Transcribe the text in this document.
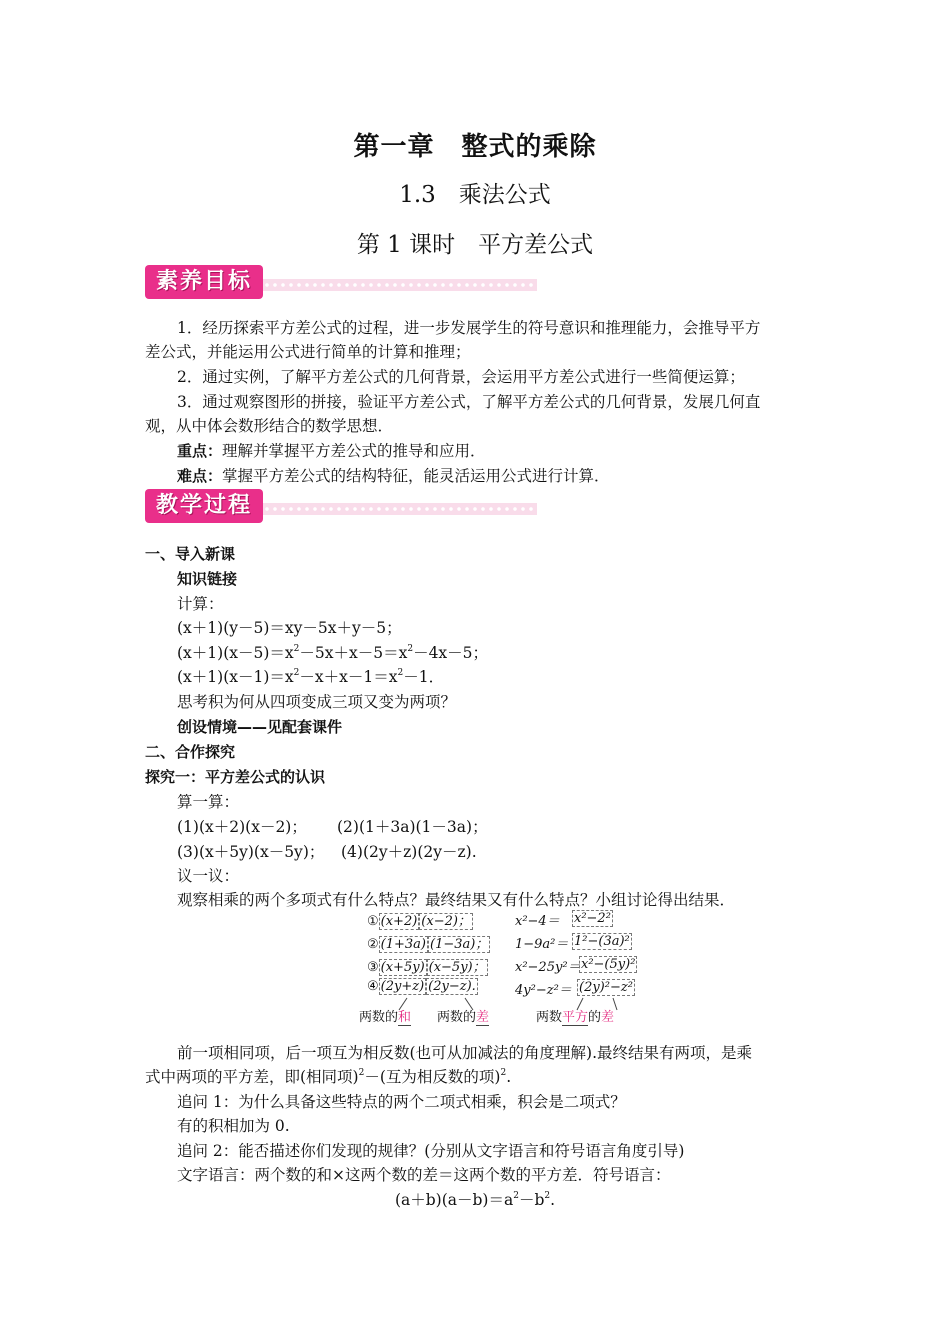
第一章　整式的乘除
1.3　乘法公式
第 1 课时　平方差公式
素养目标
1．经历探索平方差公式的过程，进一步发展学生的符号意识和推理能力，会推导平方
差公式，并能运用公式进行简单的计算和推理；
2．通过实例，了解平方差公式的几何背景，会运用平方差公式进行一些简便运算；
3．通过观察图形的拼接，验证平方差公式，了解平方差公式的几何背景，发展几何直
观，从中体会数形结合的数学思想．
重点：理解并掌握平方差公式的推导和应用．
难点：掌握平方差公式的结构特征，能灵活运用公式进行计算．
教学过程
一、导入新课
知识链接
计算：
(x＋1)(y－5)＝xy－5x＋y－5；
$(x+1)(x-5)=x^2-5x+x-5=x^2-4x-5$；
$(x+1)(x-1)=x^2-x+x-1=x^2-1$．
思考积为何从四项变成三项又变为两项？
创设情境——见配套课件
二、合作探究
探究一：平方差公式的认识
算一算：
(1)(x＋2)(x－2)； (2)(1＋3a)(1－3a)；
(3)(x＋5y)(x－5y)； (4)(2y＋z)(2y－z).
议一议：
观察相乘的两个多项式有什么特点？最终结果又有什么特点？小组讨论得出结果．
① (x+2) (x−2)；	x²−4＝ x²−2²
② (1+3a) (1−3a)； 1−9a²＝ 1²−(3a)²
③ (x+5y) (x−5y)； x²−25y²＝ x²−(5y)²
④ (2y+z) (2y−z).	4y²−z²＝ (2y)²−z²
两数的和 两数的差	两数平方的差
前一项相同项，后一项互为相反数(也可从加减法的角度理解).最终结果有两项，是乘
式中两项的平方差，即(相同项)$^2$－(互为相反数的项)$^2$.
追问 1：为什么具备这些特点的两个二项式相乘，积会是二项式？
有的积相加为 0.
追问 2：能否描述你们发现的规律？(分别从文字语言和符号语言角度引导)
文字语言：两个数的和×这两个数的差＝这两个数的平方差．符号语言：
$(a+b)(a-b)=a^2-b^2$.
